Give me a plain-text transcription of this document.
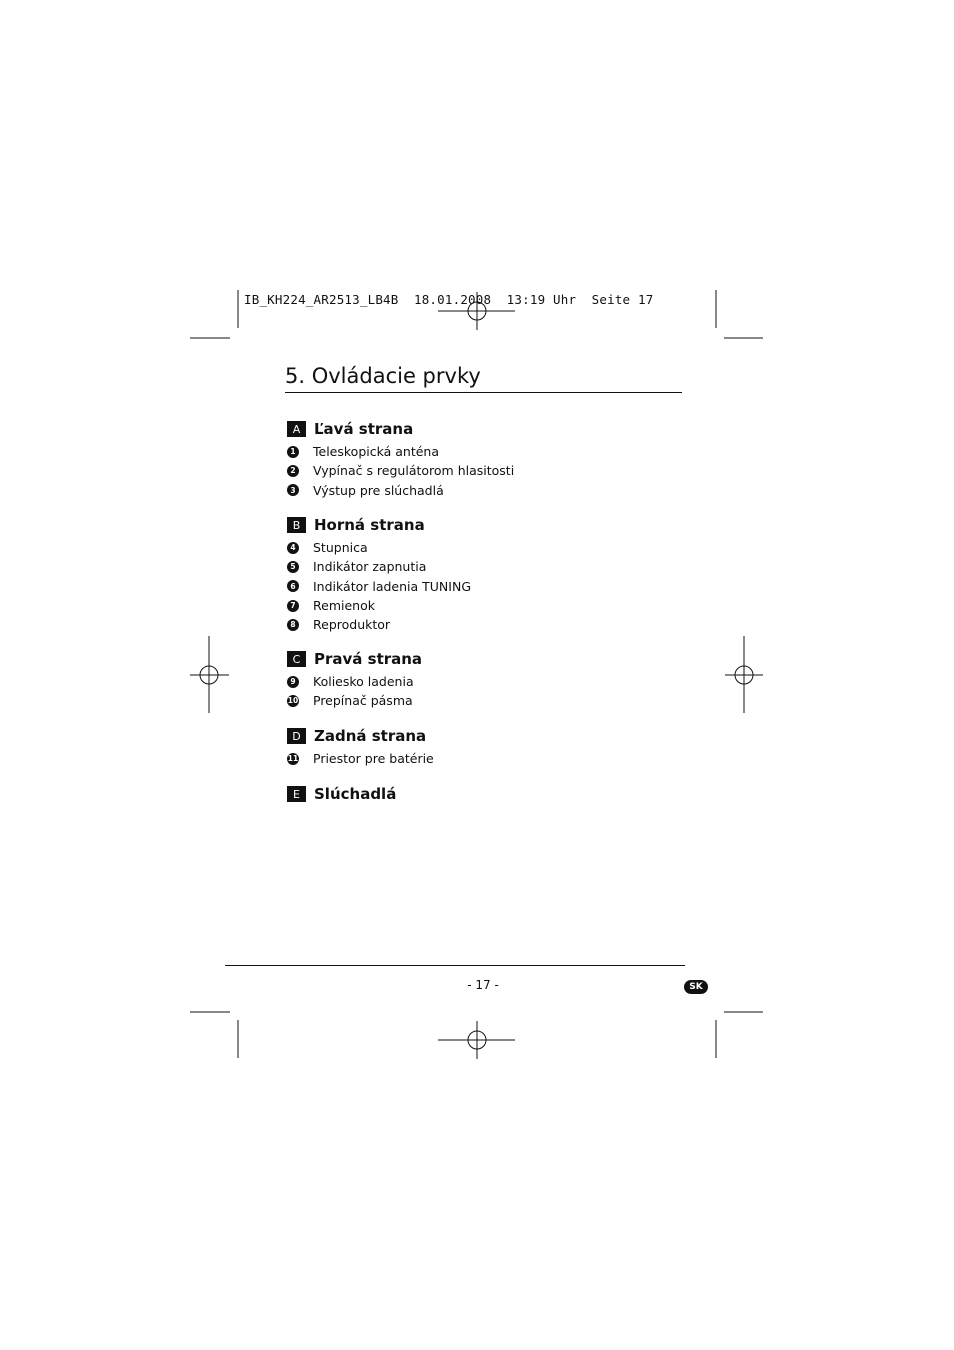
IB_KH224_AR2513_LB4B  18.01.2008  13:19 Uhr  Seite 17
5. Ovládacie prvky
A Ľavá strana
1 Teleskopická anténa
2 Vypínač s regulátorom hlasitosti
3 Výstup pre slúchadlá
B Horná strana
4 Stupnica
5 Indikátor zapnutia
6 Indikátor ladenia TUNING
7 Remienok
8 Reproduktor
C Pravá strana
9 Koliesko ladenia
10 Prepínač pásma
D Zadná strana
11 Priestor pre batérie
E Slúchadlá
- 17 -	SK
